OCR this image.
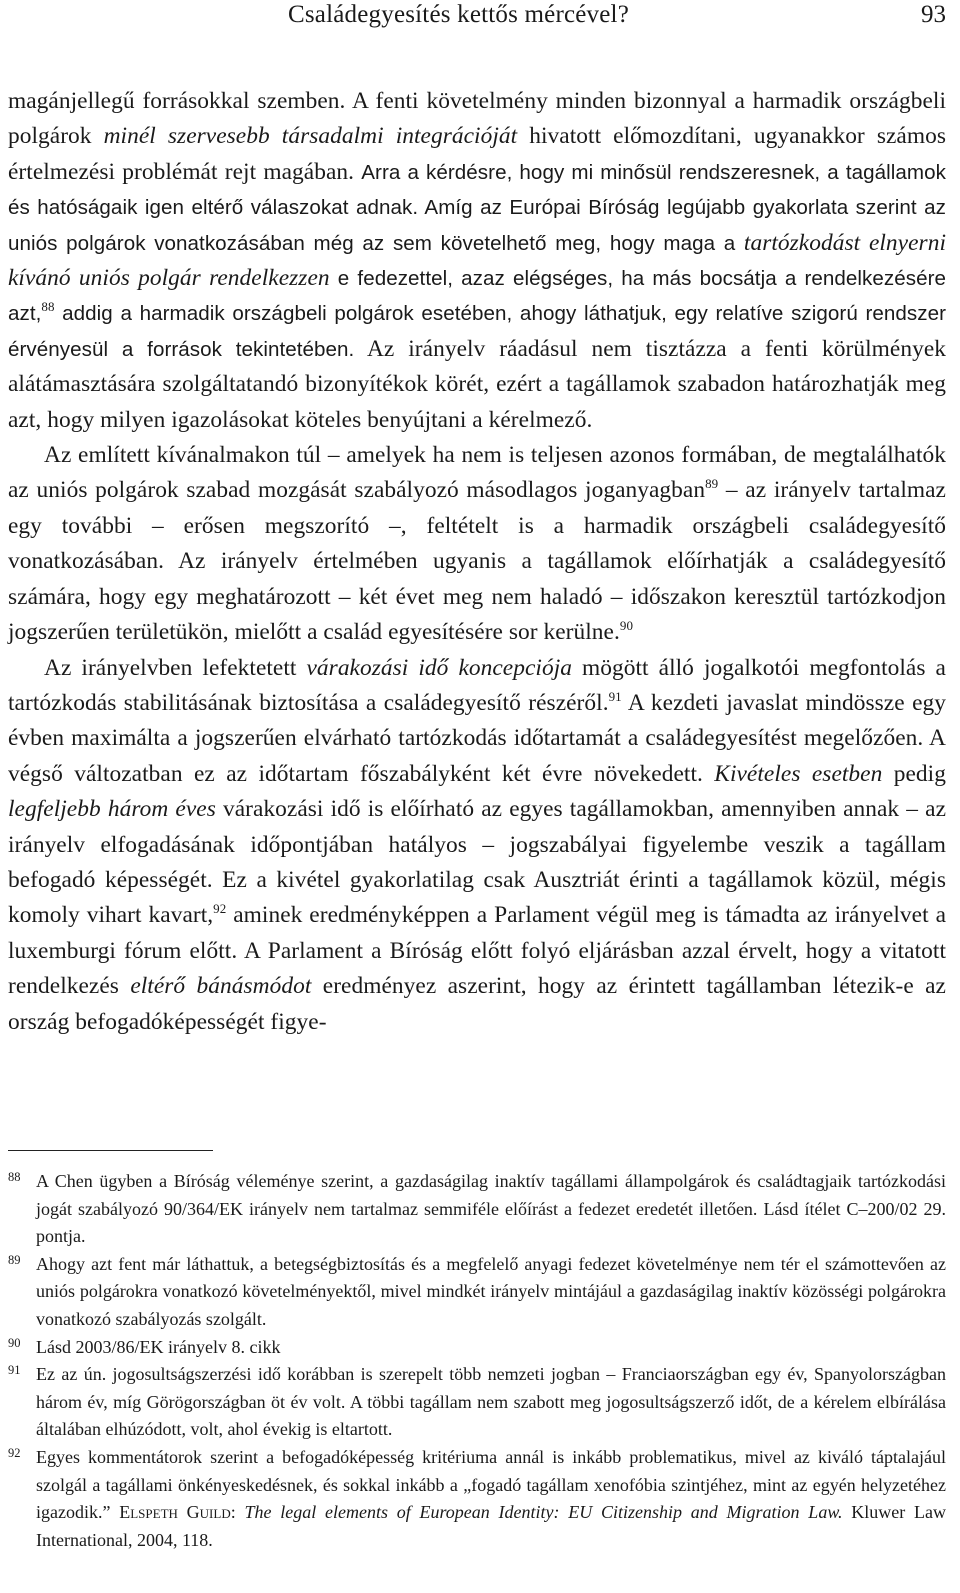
Családegyesítés kettős mércével?	93

magánjellegű forrásokkal szemben. A fenti követelmény minden bizonnyal a harmadik országbeli polgárok minél szervesebb társadalmi integrációját hivatott előmozdítani, ugyanakkor számos értelmezési problémát rejt magában. Arra a kérdésre, hogy mi minősül rendszeresnek, a tagállamok és hatóságaik igen eltérő válaszokat adnak. Amíg az Európai Bíróság legújabb gyakorlata szerint az uniós polgárok vonatkozásában még az sem követelhető meg, hogy maga a tartózkodást elnyerni kívánó uniós polgár rendelkezzen e fedezettel, azaz elégséges, ha más bocsátja a rendelkezésére azt,$^{88}$ addig a harmadik országbeli polgárok esetében, ahogy láthatjuk, egy relatíve szigorú rendszer érvényesül a források tekintetében. Az irányelv ráadásul nem tisztázza a fenti körülmények alátámasztására szolgáltatandó bizonyítékok körét, ezért a tagállamok szabadon határozhatják meg azt, hogy milyen igazolásokat köteles benyújtani a kérelmező.

Az említett kívánalmakon túl – amelyek ha nem is teljesen azonos formában, de megtalálhatók az uniós polgárok szabad mozgását szabályozó másodlagos joganyagban$^{89}$ – az irányelv tartalmaz egy további – erősen megszorító –, feltételt is a harmadik országbeli családegyesítő vonatkozásában. Az irányelv értelmében ugyanis a tagállamok előírhatják a családegyesítő számára, hogy egy meghatározott – két évet meg nem haladó – időszakon keresztül tartózkodjon jogszerűen területükön, mielőtt a család egyesítésére sor kerülne.$^{90}$

Az irányelvben lefektetett várakozási idő koncepciója mögött álló jogalkotói megfontolás a tartózkodás stabilitásának biztosítása a családegyesítő részéről.$^{91}$ A kezdeti javaslat mindössze egy évben maximálta a jogszerűen elvárható tartózkodás időtartamát a családegyesítést megelőzően. A végső változatban ez az időtartam főszabályként két évre növekedett. Kivételes esetben pedig legfeljebb három éves várakozási idő is előírható az egyes tagállamokban, amennyiben annak – az irányelv elfogadásának időpontjában hatályos – jogszabályai figyelembe veszik a tagállam befogadó képességét. Ez a kivétel gyakorlatilag csak Ausztriát érinti a tagállamok közül, mégis komoly vihart kavart,$^{92}$ aminek eredményképpen a Parlament végül meg is támadta az irányelvet a luxemburgi fórum előtt. A Parlament a Bíróság előtt folyó eljárásban azzal érvelt, hogy a vitatott rendelkezés eltérő bánásmódot eredményez aszerint, hogy az érintett tagállamban létezik-e az ország befogadóképességét figye-

88 A Chen ügyben a Bíróság véleménye szerint, a gazdaságilag inaktív tagállami állampolgárok és családtagjaik tartózkodási jogát szabályozó 90/364/EK irányelv nem tartalmaz semmiféle előírást a fedezet eredetét illetően. Lásd ítélet C–200/02 29. pontja.
89 Ahogy azt fent már láthattuk, a betegségbiztosítás és a megfelelő anyagi fedezet követelménye nem tér el számottevően az uniós polgárokra vonatkozó követelményektől, mivel mindkét irányelv mintájául a gazdaságilag inaktív közösségi polgárokra vonatkozó szabályozás szolgált.
90 Lásd 2003/86/EK irányelv 8. cikk
91 Ez az ún. jogosultságszerzési idő korábban is szerepelt több nemzeti jogban – Franciaországban egy év, Spanyolországban három év, míg Görögországban öt év volt. A többi tagállam nem szabott meg jogosultságszerző időt, de a kérelem elbírálása általában elhúzódott, volt, ahol évekig is eltartott.
92 Egyes kommentátorok szerint a befogadóképesség kritériuma annál is inkább problematikus, mivel az kiváló táptalajául szolgál a tagállami önkényeskedésnek, és sokkal inkább a „fogadó tagállam xenofóbia szintjéhez, mint az egyén helyzetéhez igazodik.” Elspeth Guild: The legal elements of European Identity: EU Citizenship and Migration Law. Kluwer Law International, 2004, 118.
